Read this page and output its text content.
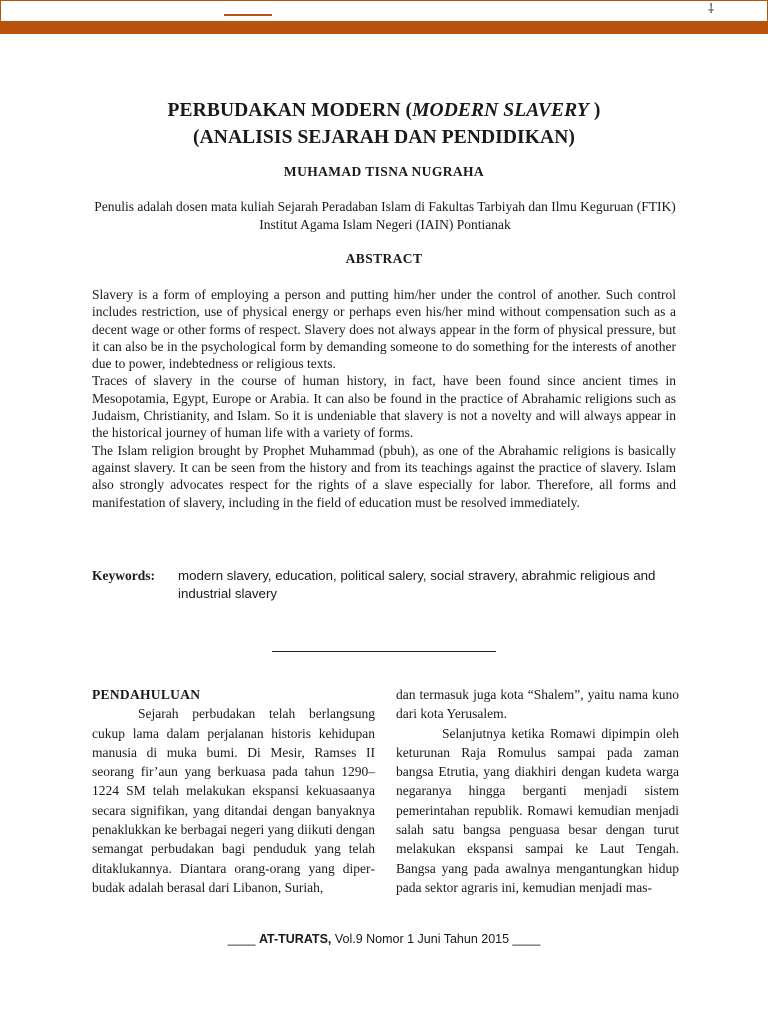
⸸
PERBUDAKAN MODERN (MODERN SLAVERY )
(ANALISIS SEJARAH DAN PENDIDIKAN)
MUHAMAD TISNA NUGRAHA
Penulis adalah dosen mata kuliah Sejarah Peradaban Islam di Fakultas Tarbiyah dan Ilmu Keguruan (FTIK) Institut Agama Islam Negeri (IAIN) Pontianak
ABSTRACT

Slavery is a form of employing a person and putting him/her under the control of another. Such control includes restriction, use of physical energy or perhaps even his/her mind without compensation such as a decent wage or other forms of respect. Slavery does not always appear in the form of physical pressure, but it can also be in the psychological form by demanding someone to do something for the interests of another due to power, indebtedness or religious texts.

Traces of slavery in the course of human history, in fact, have been found since ancient times in Mesopotamia, Egypt, Europe or Arabia. It can also be found in the practice of Abrahamic religions such as Judaism, Christianity, and Islam. So it is undeniable that slavery is not a novelty and will always appear in the historical journey of human life with a variety of forms.

The Islam religion brought by Prophet Muhammad (pbuh), as one of the Abrahamic religions is basically against slavery. It can be seen from the history and from its teachings against the practice of slavery. Islam also strongly advocates respect for the rights of a slave especially for labor. Therefore, all forms and manifestation of slavery, including in the field of education must be resolved immediately.

Keywords: modern slavery, education, political salery, social stravery, abrahmic religious and industrial slavery

PENDAHULUAN

Sejarah perbudakan telah berlangsung cukup lama dalam perjalanan historis kehidupan manusia di muka bumi. Di Mesir, Ramses II seorang fir’aun yang berkuasa pada tahun 1290–1224 SM telah melakukan ekspansi kekuasaanya secara signifikan, yang ditandai dengan banyaknya penaklukkan ke berbagai negeri yang diikuti dengan semangat perbudakan bagi penduduk yang telah ditaklukannya. Diantara orang-orang yang diperbudak adalah berasal dari Libanon, Suriah,

dan termasuk juga kota “Shalem”, yaitu nama kuno dari kota Yerusalem.

Selanjutnya ketika Romawi dipimpin oleh keturunan Raja Romulus sampai pada zaman bangsa Etrutia, yang diakhiri dengan kudeta warga negaranya hingga berganti menjadi sistem pemerintahan republik. Romawi kemudian menjadi salah satu bangsa penguasa besar dengan turut melakukan ekspansi sampai ke Laut Tengah. Bangsa yang pada awalnya mengantungkan hidup pada sektor agraris ini, kemudian menjadi mas-

____ AT-TURATS, Vol.9 Nomor 1 Juni Tahun 2015 ____
